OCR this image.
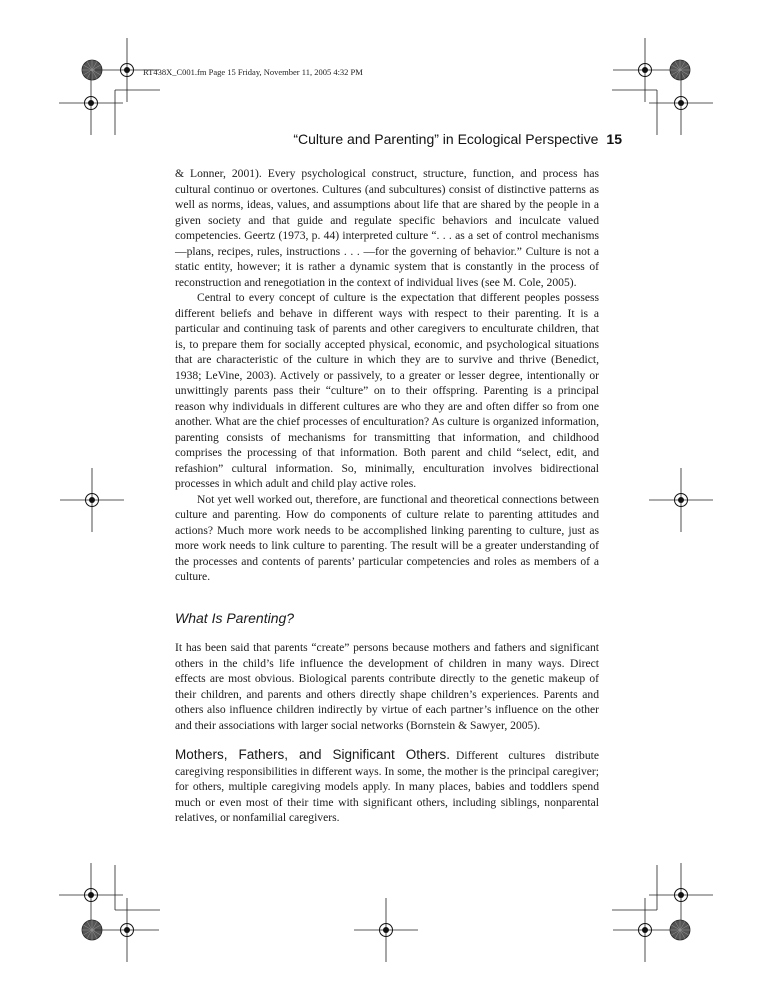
RT438X_C001.fm Page 15 Friday, November 11, 2005 4:32 PM
“Culture and Parenting” in Ecological Perspective 15

& Lonner, 2001). Every psychological construct, structure, function, and process has cultural continuo or overtones. Cultures (and subcultures) consist of distinctive patterns as well as norms, ideas, values, and assumptions about life that are shared by the people in a given society and that guide and regulate specific behaviors and inculcate valued competencies. Geertz (1973, p. 44) interpreted culture “. . . as a set of control mechanisms—plans, recipes, rules, instructions . . . —for the governing of behavior.” Culture is not a static entity, however; it is rather a dynamic system that is constantly in the process of reconstruction and renegotiation in the context of individual lives (see M. Cole, 2005).

Central to every concept of culture is the expectation that different peoples possess different beliefs and behave in different ways with respect to their parenting. It is a particular and continuing task of parents and other caregivers to enculturate children, that is, to prepare them for socially accepted physical, economic, and psychological situations that are characteristic of the culture in which they are to survive and thrive (Benedict, 1938; LeVine, 2003). Actively or passively, to a greater or lesser degree, intentionally or unwittingly parents pass their “culture” on to their offspring. Parenting is a principal reason why individuals in different cultures are who they are and often differ so from one another. What are the chief processes of enculturation? As culture is organized information, parenting consists of mechanisms for transmitting that information, and childhood comprises the processing of that information. Both parent and child “select, edit, and refashion” cultural information. So, minimally, enculturation involves bidirectional processes in which adult and child play active roles.

Not yet well worked out, therefore, are functional and theoretical connections between culture and parenting. How do components of culture relate to parenting attitudes and actions? Much more work needs to be accomplished linking parenting to culture, just as more work needs to link culture to parenting. The result will be a greater understanding of the processes and contents of parents’ particular competencies and roles as members of a culture.

What Is Parenting?

It has been said that parents “create” persons because mothers and fathers and significant others in the child’s life influence the development of children in many ways. Direct effects are most obvious. Biological parents contribute directly to the genetic makeup of their children, and parents and others directly shape children’s experiences. Parents and others also influence children indirectly by virtue of each partner’s influence on the other and their associations with larger social networks (Bornstein & Sawyer, 2005).

Mothers, Fathers, and Significant Others. Different cultures distribute caregiving responsibilities in different ways. In some, the mother is the principal caregiver; for others, multiple caregiving models apply. In many places, babies and toddlers spend much or even most of their time with significant others, including siblings, nonparental relatives, or nonfamilial caregivers.
